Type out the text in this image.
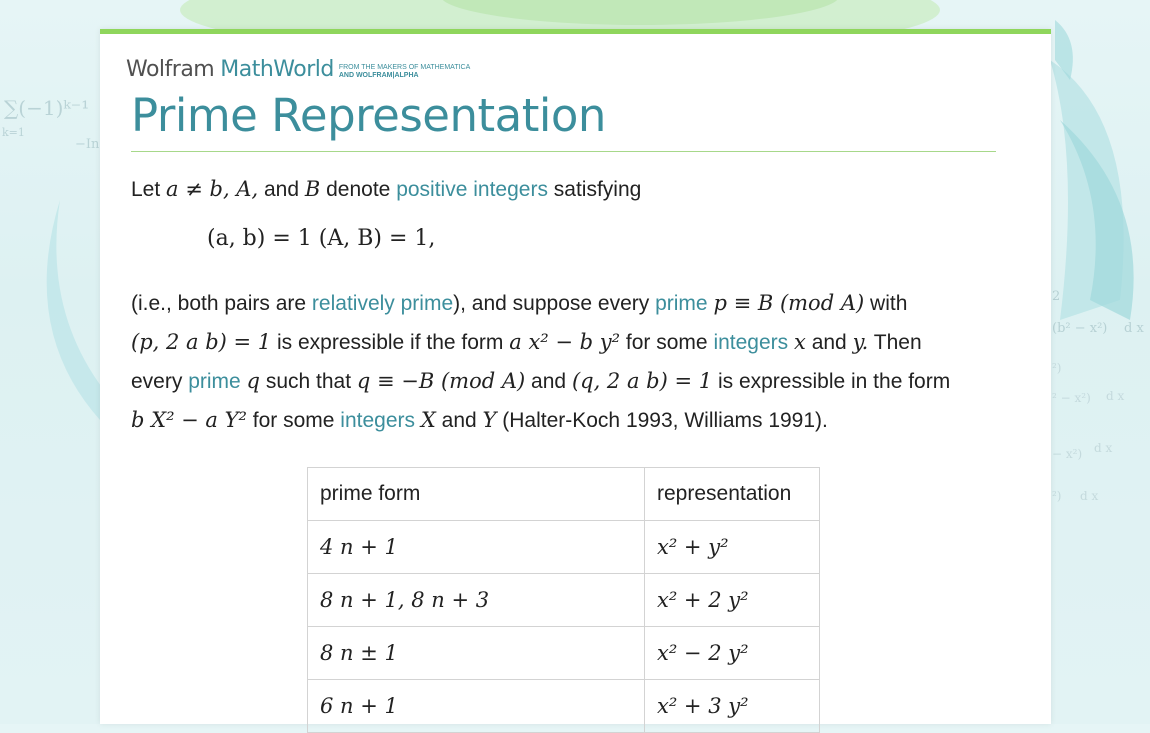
∑(−1)ᵏ⁻¹
k=1
−In
2
(b² − x²) d x
²)
² − x²) d x
− x²) d x
²) d x
Wolfram MathWorld FROM THE MAKERS OF MATHEMATICA
AND WOLFRAM|ALPHA
Prime Representation
Let a ≠ b, A, and B denote positive integers satisfying
(a, b) = 1 (A, B) = 1,
(i.e., both pairs are relatively prime), and suppose every prime p ≡ B (mod A) with
(p, 2 a b) = 1 is expressible if the form a x² − b y² for some integers x and y. Then
every prime q such that q ≡ −B (mod A) and (q, 2 a b) = 1 is expressible in the form
b X² − a Y² for some integers X and Y (Halter-Koch 1993, Williams 1991).
prime form	representation
4 n + 1	x² + y²
8 n + 1, 8 n + 3	x² + 2 y²
8 n ± 1	x² − 2 y²
6 n + 1	x² + 3 y²
